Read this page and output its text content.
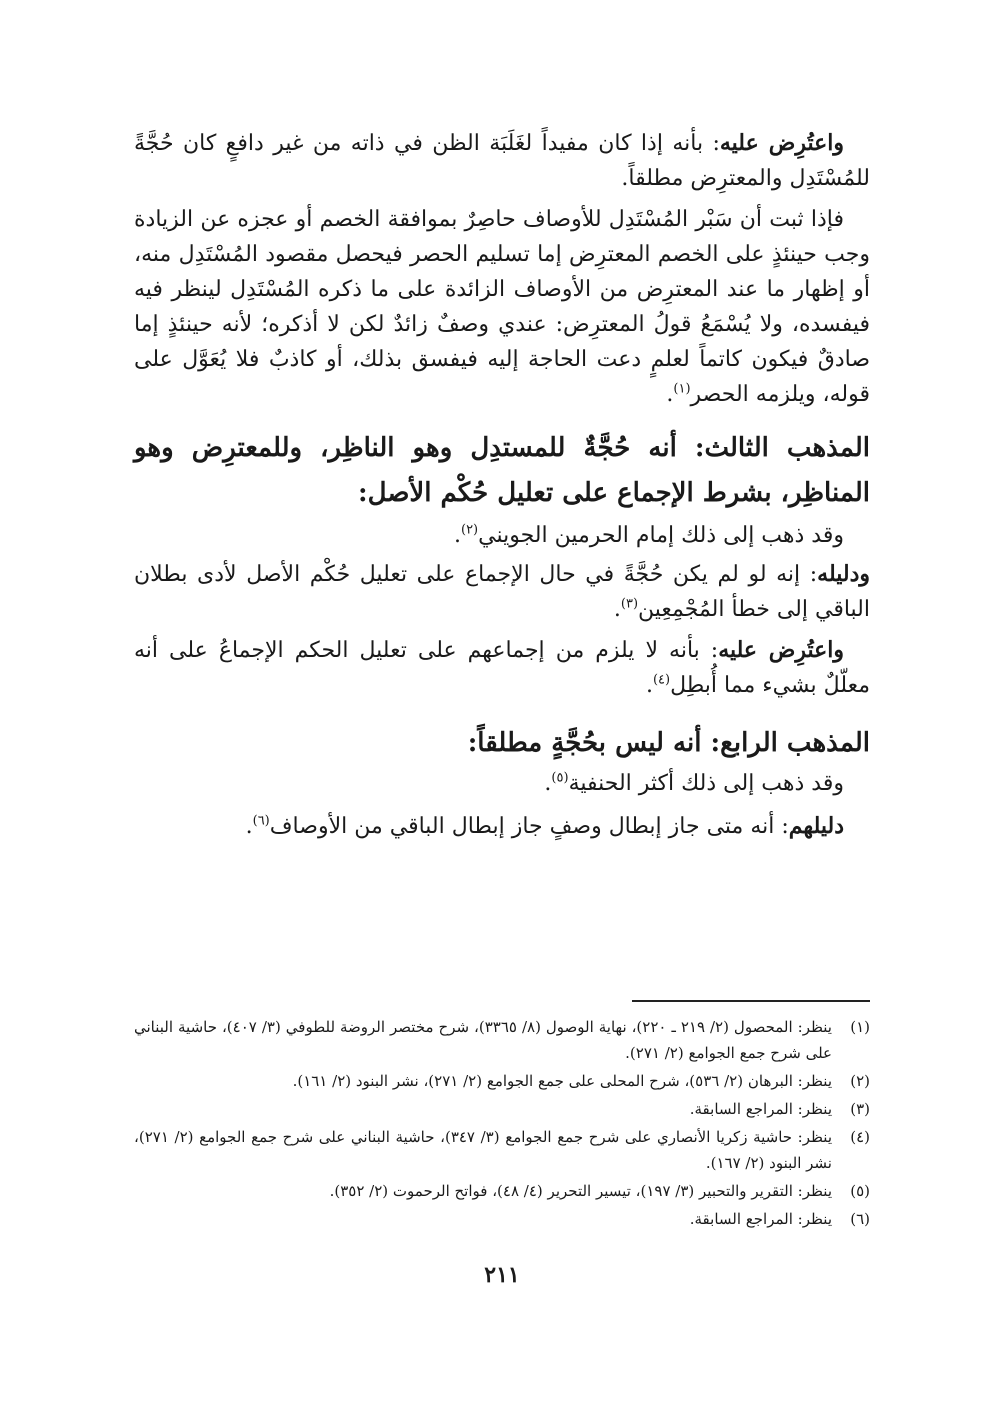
واعتُرِض عليه: بأنه إذا كان مفيداً لغَلَبَة الظن في ذاته من غير دافعٍ كان حُجَّةً للمُسْتَدِل والمعترِض مطلقاً.

فإذا ثبت أن سَبْر المُسْتَدِل للأوصاف حاصِرٌ بموافقة الخصم أو عجزه عن الزيادة وجب حينئذٍ على الخصم المعترِض إما تسليم الحصر فيحصل مقصود المُسْتَدِل منه، أو إظهار ما عند المعترِض من الأوصاف الزائدة على ما ذكره المُسْتَدِل لينظر فيه فيفسده، ولا يُسْمَعُ قولُ المعترِض: عندي وصفٌ زائدٌ لكن لا أذكره؛ لأنه حينئذٍ إما صادقٌ فيكون كاتماً لعلمٍ دعت الحاجة إليه فيفسق بذلك، أو كاذبٌ فلا يُعَوَّل على قوله، ويلزمه الحصر$^{(١)}$.

المذهب الثالث: أنه حُجَّةٌ للمستدِل وهو الناظِر، وللمعترِض وهو المناظِر، بشرط الإجماع على تعليل حُكْم الأصل:

وقد ذهب إلى ذلك إمام الحرمين الجويني$^{(٢)}$.

ودليله: إنه لو لم يكن حُجَّةً في حال الإجماع على تعليل حُكْم الأصل لأدى بطلان الباقي إلى خطأ المُجْمِعِين$^{(٣)}$.

واعتُرِض عليه: بأنه لا يلزم من إجماعهم على تعليل الحكم الإجماعُ على أنه معلّلٌ بشيء مما أُبطِل$^{(٤)}$.

المذهب الرابع: أنه ليس بحُجَّةٍ مطلقاً:

وقد ذهب إلى ذلك أكثر الحنفية$^{(٥)}$.

دليلهم: أنه متى جاز إبطال وصفٍ جاز إبطال الباقي من الأوصاف$^{(٦)}$.

(١)
ينظر: المحصول (٢/ ٢١٩ ـ ٢٢٠)، نهاية الوصول (٨/ ٣٣٦٥)، شرح مختصر الروضة للطوفي (٣/ ٤٠٧)، حاشية البناني على شرح جمع الجوامع (٢/ ٢٧١).
(٢)
ينظر: البرهان (٢/ ٥٣٦)، شرح المحلى على جمع الجوامع (٢/ ٢٧١)، نشر البنود (٢/ ١٦١).
(٣)
ينظر: المراجع السابقة.
(٤)
ينظر: حاشية زكريا الأنصاري على شرح جمع الجوامع (٣/ ٣٤٧)، حاشية البناني على شرح جمع الجوامع (٢/ ٢٧١)، نشر البنود (٢/ ١٦٧).
(٥)
ينظر: التقرير والتحبير (٣/ ١٩٧)، تيسير التحرير (٤/ ٤٨)، فواتح الرحموت (٢/ ٣٥٢).
(٦)
ينظر: المراجع السابقة.
٢١١
